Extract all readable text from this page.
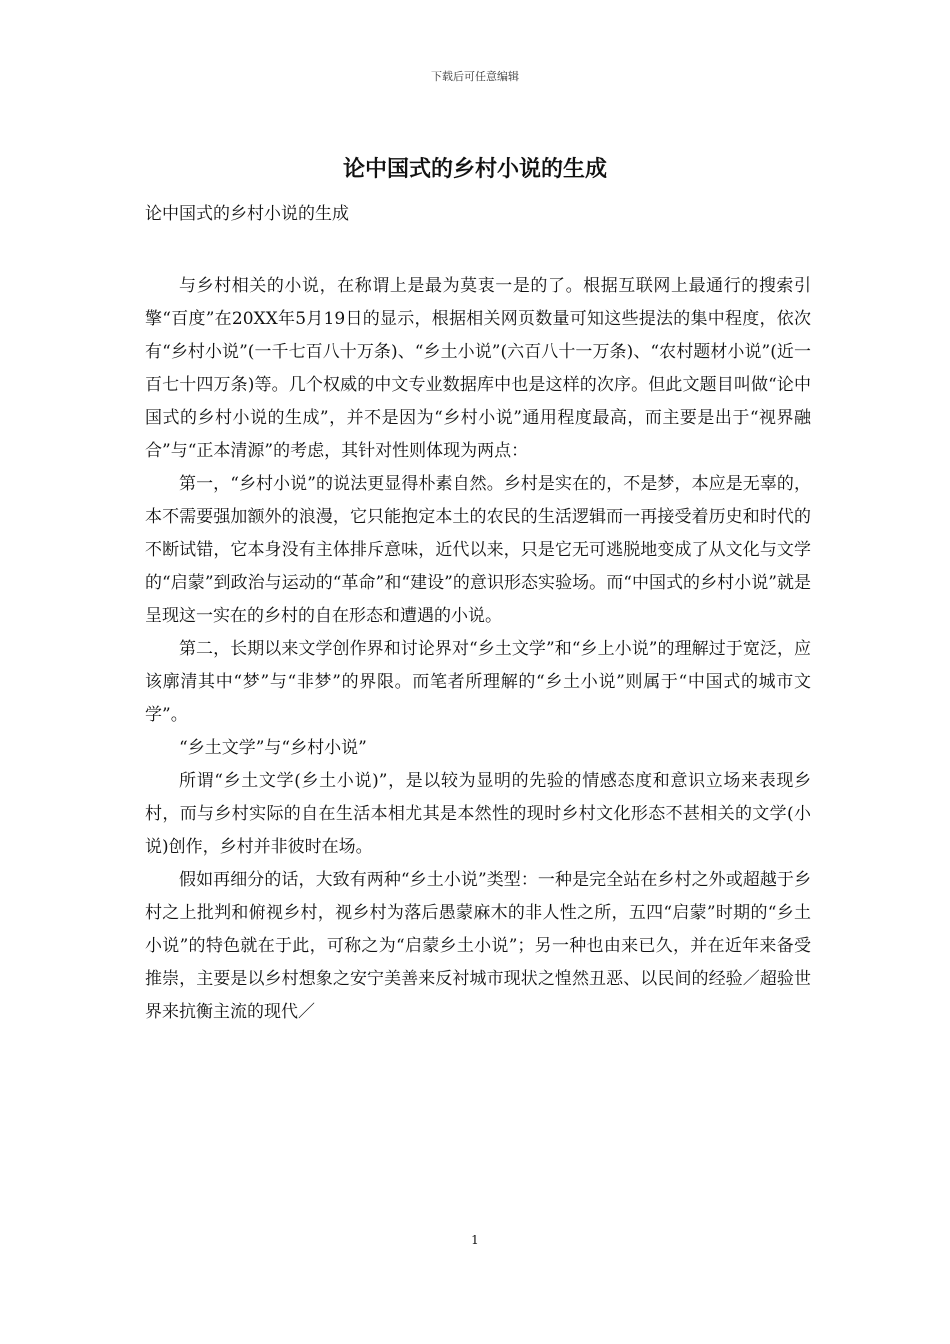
下载后可任意编辑
论中国式的乡村小说的生成
论中国式的乡村小说的生成

与乡村相关的小说，在称谓上是最为莫衷一是的了。根据互联网上最通行的搜索引擎“百度”在20XX年5月19日的显示，根据相关网页数量可知这些提法的集中程度，依次有“乡村小说”(一千七百八十万条)、“乡土小说”(六百八十一万条)、“农村题材小说”(近一百七十四万条)等。几个权威的中文专业数据库中也是这样的次序。但此文题目叫做“论中国式的乡村小说的生成”，并不是因为“乡村小说”通用程度最高，而主要是出于“视界融合”与“正本清源”的考虑，其针对性则体现为两点：

第一，“乡村小说”的说法更显得朴素自然。乡村是实在的，不是梦，本应是无辜的，本不需要强加额外的浪漫，它只能抱定本土的农民的生活逻辑而一再接受着历史和时代的不断试错，它本身没有主体排斥意味，近代以来，只是它无可逃脱地变成了从文化与文学的“启蒙”到政治与运动的“革命”和“建设”的意识形态实验场。而“中国式的乡村小说”就是呈现这一实在的乡村的自在形态和遭遇的小说。

第二，长期以来文学创作界和讨论界对“乡土文学”和“乡上小说”的理解过于宽泛，应该廓清其中“梦”与“非梦”的界限。而笔者所理解的“乡土小说”则属于“中国式的城市文学”。

“乡土文学”与“乡村小说”

所谓“乡土文学(乡土小说)”，是以较为显明的先验的情感态度和意识立场来表现乡村，而与乡村实际的自在生活本相尤其是本然性的现时乡村文化形态不甚相关的文学(小说)创作，乡村并非彼时在场。

假如再细分的话，大致有两种“乡土小说”类型：一种是完全站在乡村之外或超越于乡村之上批判和俯视乡村，视乡村为落后愚蒙麻木的非人性之所，五四“启蒙”时期的“乡土小说”的特色就在于此，可称之为“启蒙乡土小说”；另一种也由来已久，并在近年来备受推崇，主要是以乡村想象之安宁美善来反衬城市现状之惶然丑恶、以民间的经验／超验世界来抗衡主流的现代／

1
